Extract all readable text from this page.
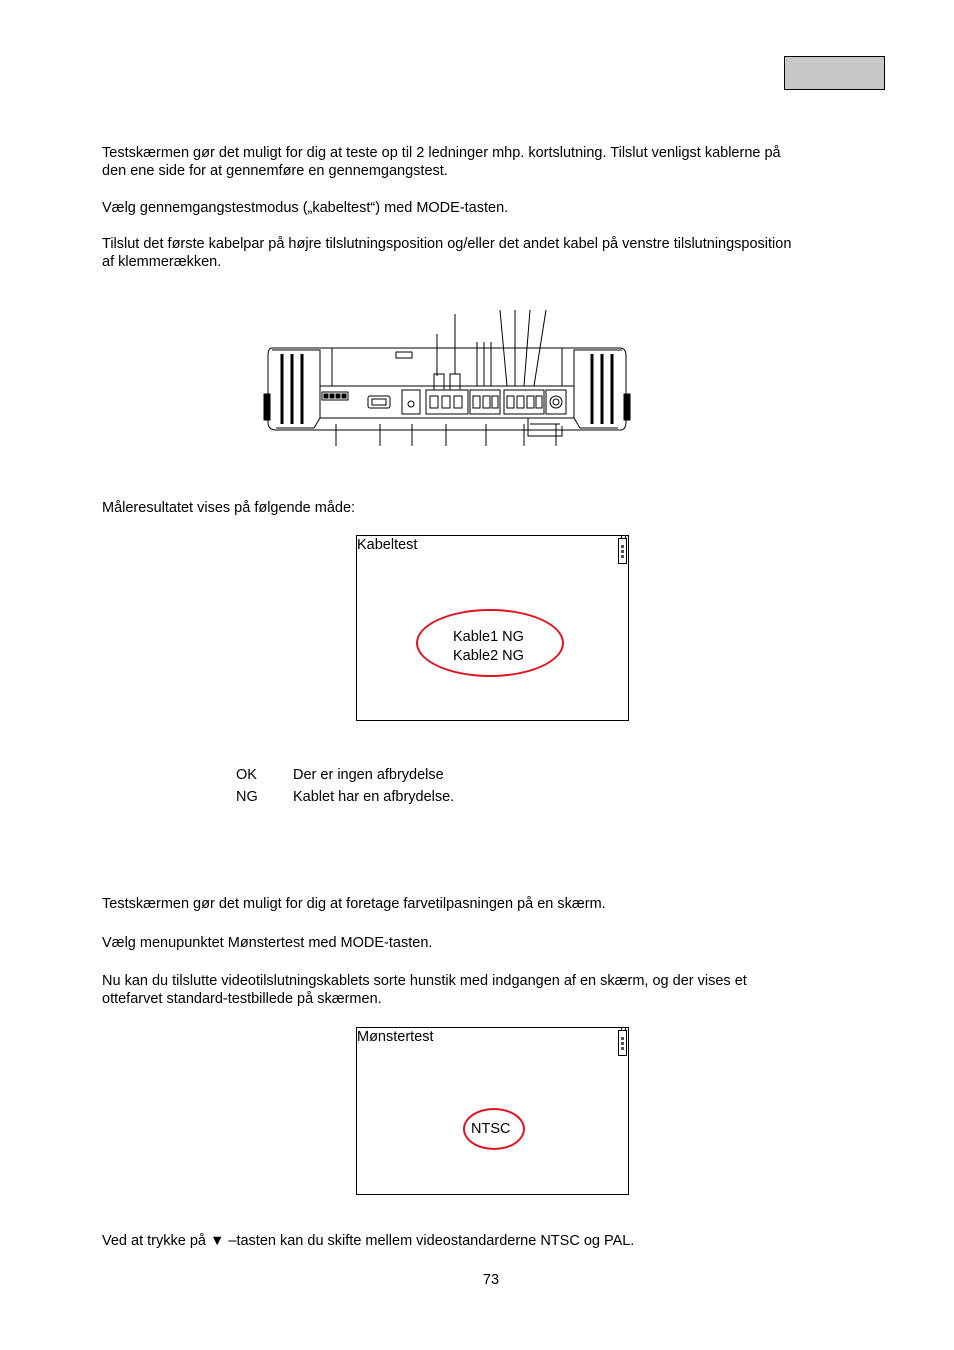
Testskærmen gør det muligt for dig at teste op til 2 ledninger mhp. kortslutning. Tilslut venligst kablerne på
den ene side for at gennemføre en gennemgangstest.
Vælg gennemgangstestmodus („kabeltest“) med MODE-tasten.
Tilslut det første kabelpar på højre tilslutningsposition og/eller det andet kabel på venstre tilslutningsposition
af klemmerækken.
Måleresultatet vises på følgende måde:
Kabeltest
Kable1 NG
Kable2 NG
OK Der er ingen afbrydelse
NG Kablet har en afbrydelse.
Testskærmen gør det muligt for dig at foretage farvetilpasningen på en skærm.
Vælg menupunktet Mønstertest med MODE-tasten.
Nu kan du tilslutte videotilslutningskablets sorte hunstik med indgangen af en skærm, og der vises et
ottefarvet standard-testbillede på skærmen.
Mønstertest
NTSC
Ved at trykke på ▼ –tasten kan du skifte mellem videostandarderne NTSC og PAL.
73
